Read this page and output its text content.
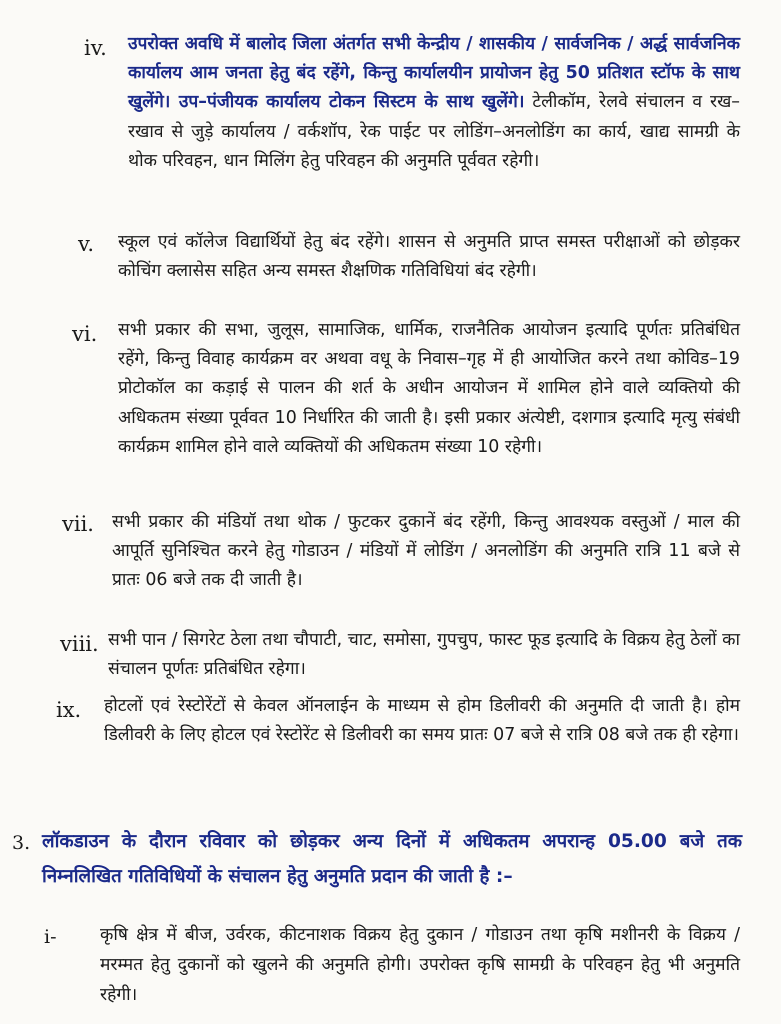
iv. उपरोक्त अवधि में बालोद जिला अंतर्गत सभी केन्द्रीय / शासकीय / सार्वजनिक / अर्द्ध सार्वजनिक कार्यालय आम जनता हेतु बंद रहेंगे, किन्तु कार्यालयीन प्रायोजन हेतु 50 प्रतिशत स्टॉफ के साथ खुलेंगे। उप–पंजीयक कार्यालय टोकन सिस्टम के साथ खुलेंगे। टेलीकॉम, रेलवे संचालन व रख–रखाव से जुड़े कार्यालय / वर्कशॉप, रेक पाईट पर लोडिंग–अनलोडिंग का कार्य, खाद्य सामग्री के थोक परिवहन, धान मिलिंग हेतु परिवहन की अनुमति पूर्ववत रहेगी।
v. स्कूल एवं कॉलेज विद्यार्थियों हेतु बंद रहेंगे। शासन से अनुमति प्राप्त समस्त परीक्षाओं को छोड़कर कोचिंग क्लासेस सहित अन्य समस्त शैक्षणिक गतिविधियां बंद रहेगी।
vi. सभी प्रकार की सभा, जुलूस, सामाजिक, धार्मिक, राजनैतिक आयोजन इत्यादि पूर्णतः प्रतिबंधित रहेंगे, किन्तु विवाह कार्यक्रम वर अथवा वधू के निवास–गृह में ही आयोजित करने तथा कोविड–19 प्रोटोकॉल का कड़ाई से पालन की शर्त के अधीन आयोजन में शामिल होने वाले व्यक्तियो की अधिकतम संख्या पूर्ववत 10 निर्धारित की जाती है। इसी प्रकार अंत्येष्टी, दशगात्र इत्यादि मृत्यु संबंधी कार्यक्रम शामिल होने वाले व्यक्तियों की अधिकतम संख्या 10 रहेगी।
vii. सभी प्रकार की मंडियॉ तथा थोक / फुटकर दुकानें बंद रहेंगी, किन्तु आवश्यक वस्तुओं / माल की आपूर्ति सुनिश्चित करने हेतु गोडाउन / मंडियों में लोडिंग / अनलोडिंग की अनुमति रात्रि 11 बजे से प्रातः 06 बजे तक दी जाती है।
viii. सभी पान / सिगरेट ठेला तथा चौपाटी, चाट, समोसा, गुपचुप, फास्ट फूड इत्यादि के विक्रय हेतु ठेलों का संचालन पूर्णतः प्रतिबंधित रहेगा।
ix. होटलों एवं रेस्टोरेंटों से केवल ऑनलाईन के माध्यम से होम डिलीवरी की अनुमति दी जाती है। होम डिलीवरी के लिए होटल एवं रेस्टोरेंट से डिलीवरी का समय प्रातः 07 बजे से रात्रि 08 बजे तक ही रहेगा।
3. लॉकडाउन के दौरान रविवार को छोड़कर अन्य दिनों में अधिकतम अपरान्ह 05.00 बजे तक निम्नलिखित गतिविधियों के संचालन हेतु अनुमति प्रदान की जाती है :–
i-	कृषि क्षेत्र में बीज, उर्वरक, कीटनाशक विक्रय हेतु दुकान / गोडाउन तथा कृषि मशीनरी के विक्रय / मरम्मत हेतु दुकानों को खुलने की अनुमति होगी। उपरोक्त कृषि सामग्री के परिवहन हेतु भी अनुमति रहेगी।
